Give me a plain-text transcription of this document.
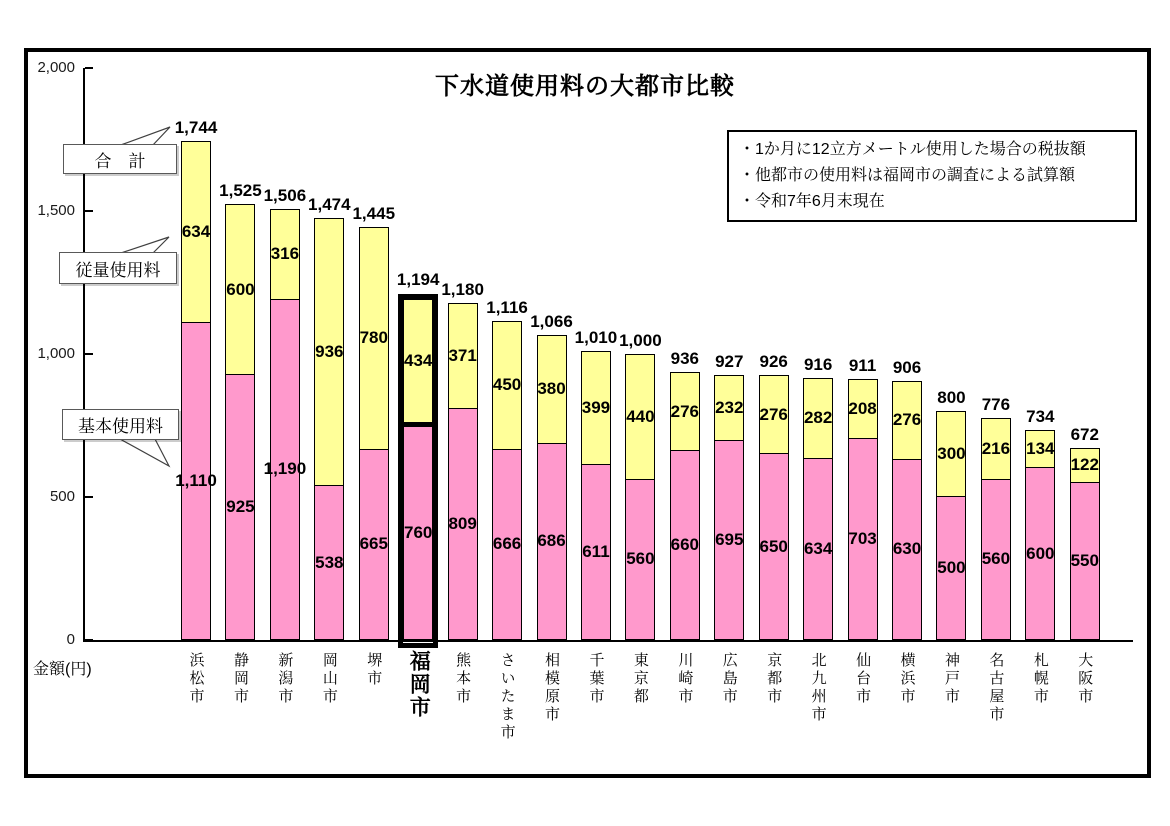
下水道使用料の大都市比較
・1か月に12立方メートル使用した場合の税抜額
・他都市の使用料は福岡市の調査による試算額
・令和7年6月末現在
合　計
従量使用料
基本使用料
2,000
1,500
1,000
500
0
金額(円)
1,744
634
1,110
浜松市
1,525
600
925
静岡市
1,506
316
1,190
新潟市
1,474
936
538
岡山市
1,445
780
665
堺市
1,194
434
760
福岡市
1,180
371
809
熊本市
1,116
450
666
さいたま市
1,066
380
686
相模原市
1,010
399
611
千葉市
1,000
440
560
東京都
936
276
660
川崎市
927
232
695
広島市
926
276
650
京都市
916
282
634
北九州市
911
208
703
仙台市
906
276
630
横浜市
800
300
500
神戸市
776
216
560
名古屋市
734
134
600
札幌市
672
122
550
大阪市
